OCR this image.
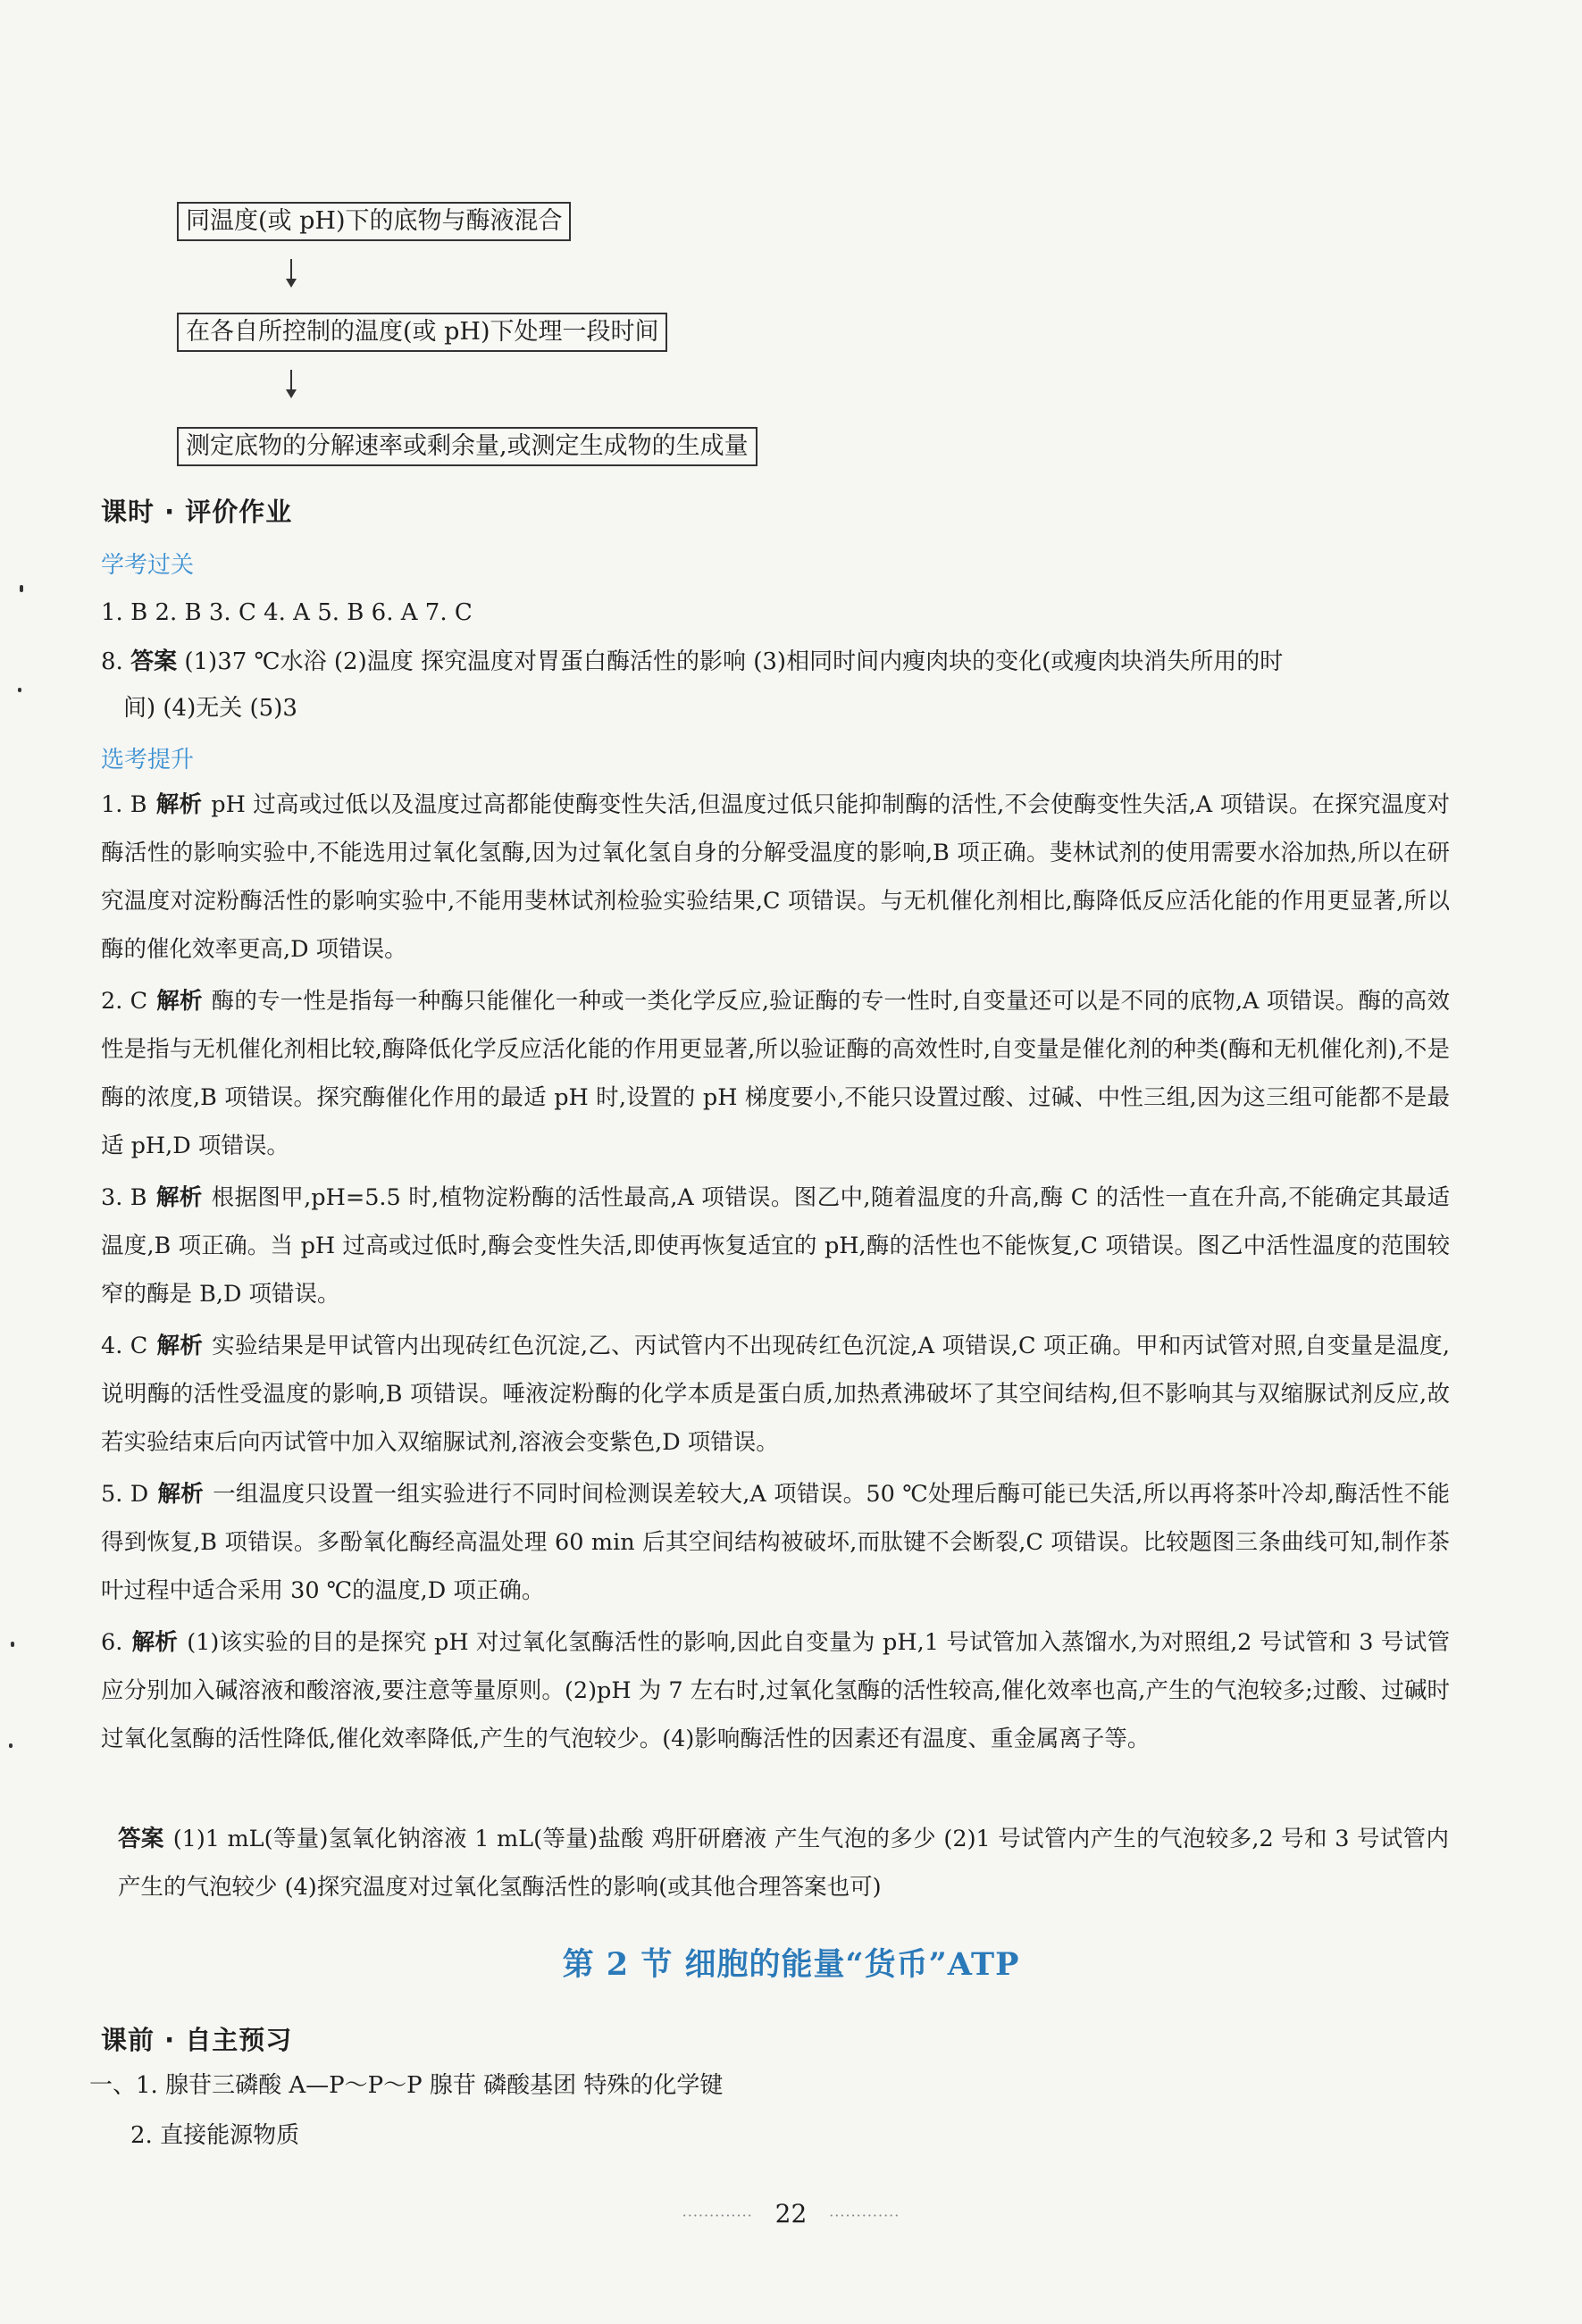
同温度(或 pH)下的底物与酶液混合
在各自所控制的温度(或 pH)下处理一段时间
测定底物的分解速率或剩余量,或测定生成物的生成量
课时 · 评价作业
学考过关
1. B 2. B 3. C 4. A 5. B 6. A 7. C
8. 答案 (1)37 ℃水浴 (2)温度 探究温度对胃蛋白酶活性的影响 (3)相同时间内瘦肉块的变化(或瘦肉块消失所用的时
间) (4)无关 (5)3
选考提升
1. B 解析 pH 过高或过低以及温度过高都能使酶变性失活,但温度过低只能抑制酶的活性,不会使酶变性失活,A 项错误。在探究温度对酶活性的影响实验中,不能选用过氧化氢酶,因为过氧化氢自身的分解受温度的影响,B 项正确。斐林试剂的使用需要水浴加热,所以在研究温度对淀粉酶活性的影响实验中,不能用斐林试剂检验实验结果,C 项错误。与无机催化剂相比,酶降低反应活化能的作用更显著,所以酶的催化效率更高,D 项错误。
2. C 解析 酶的专一性是指每一种酶只能催化一种或一类化学反应,验证酶的专一性时,自变量还可以是不同的底物,A 项错误。酶的高效性是指与无机催化剂相比较,酶降低化学反应活化能的作用更显著,所以验证酶的高效性时,自变量是催化剂的种类(酶和无机催化剂),不是酶的浓度,B 项错误。探究酶催化作用的最适 pH 时,设置的 pH 梯度要小,不能只设置过酸、过碱、中性三组,因为这三组可能都不是最适 pH,D 项错误。
3. B 解析 根据图甲,pH=5.5 时,植物淀粉酶的活性最高,A 项错误。图乙中,随着温度的升高,酶 C 的活性一直在升高,不能确定其最适温度,B 项正确。当 pH 过高或过低时,酶会变性失活,即使再恢复适宜的 pH,酶的活性也不能恢复,C 项错误。图乙中活性温度的范围较窄的酶是 B,D 项错误。
4. C 解析 实验结果是甲试管内出现砖红色沉淀,乙、丙试管内不出现砖红色沉淀,A 项错误,C 项正确。甲和丙试管对照,自变量是温度,说明酶的活性受温度的影响,B 项错误。唾液淀粉酶的化学本质是蛋白质,加热煮沸破坏了其空间结构,但不影响其与双缩脲试剂反应,故若实验结束后向丙试管中加入双缩脲试剂,溶液会变紫色,D 项错误。
5. D 解析 一组温度只设置一组实验进行不同时间检测误差较大,A 项错误。50 ℃处理后酶可能已失活,所以再将茶叶冷却,酶活性不能得到恢复,B 项错误。多酚氧化酶经高温处理 60 min 后其空间结构被破坏,而肽键不会断裂,C 项错误。比较题图三条曲线可知,制作茶叶过程中适合采用 30 ℃的温度,D 项正确。
6. 解析 (1)该实验的目的是探究 pH 对过氧化氢酶活性的影响,因此自变量为 pH,1 号试管加入蒸馏水,为对照组,2 号试管和 3 号试管应分别加入碱溶液和酸溶液,要注意等量原则。(2)pH 为 7 左右时,过氧化氢酶的活性较高,催化效率也高,产生的气泡较多;过酸、过碱时过氧化氢酶的活性降低,催化效率降低,产生的气泡较少。(4)影响酶活性的因素还有温度、重金属离子等。
答案 (1)1 mL(等量)氢氧化钠溶液 1 mL(等量)盐酸 鸡肝研磨液 产生气泡的多少 (2)1 号试管内产生的气泡较多,2 号和 3 号试管内产生的气泡较少 (4)探究温度对过氧化氢酶活性的影响(或其他合理答案也可)
第 2 节 细胞的能量“货币”ATP
课前 · 自主预习
一、1. 腺苷三磷酸 A—P～P～P 腺苷 磷酸基团 特殊的化学键
2. 直接能源物质
············· 22 ·············
